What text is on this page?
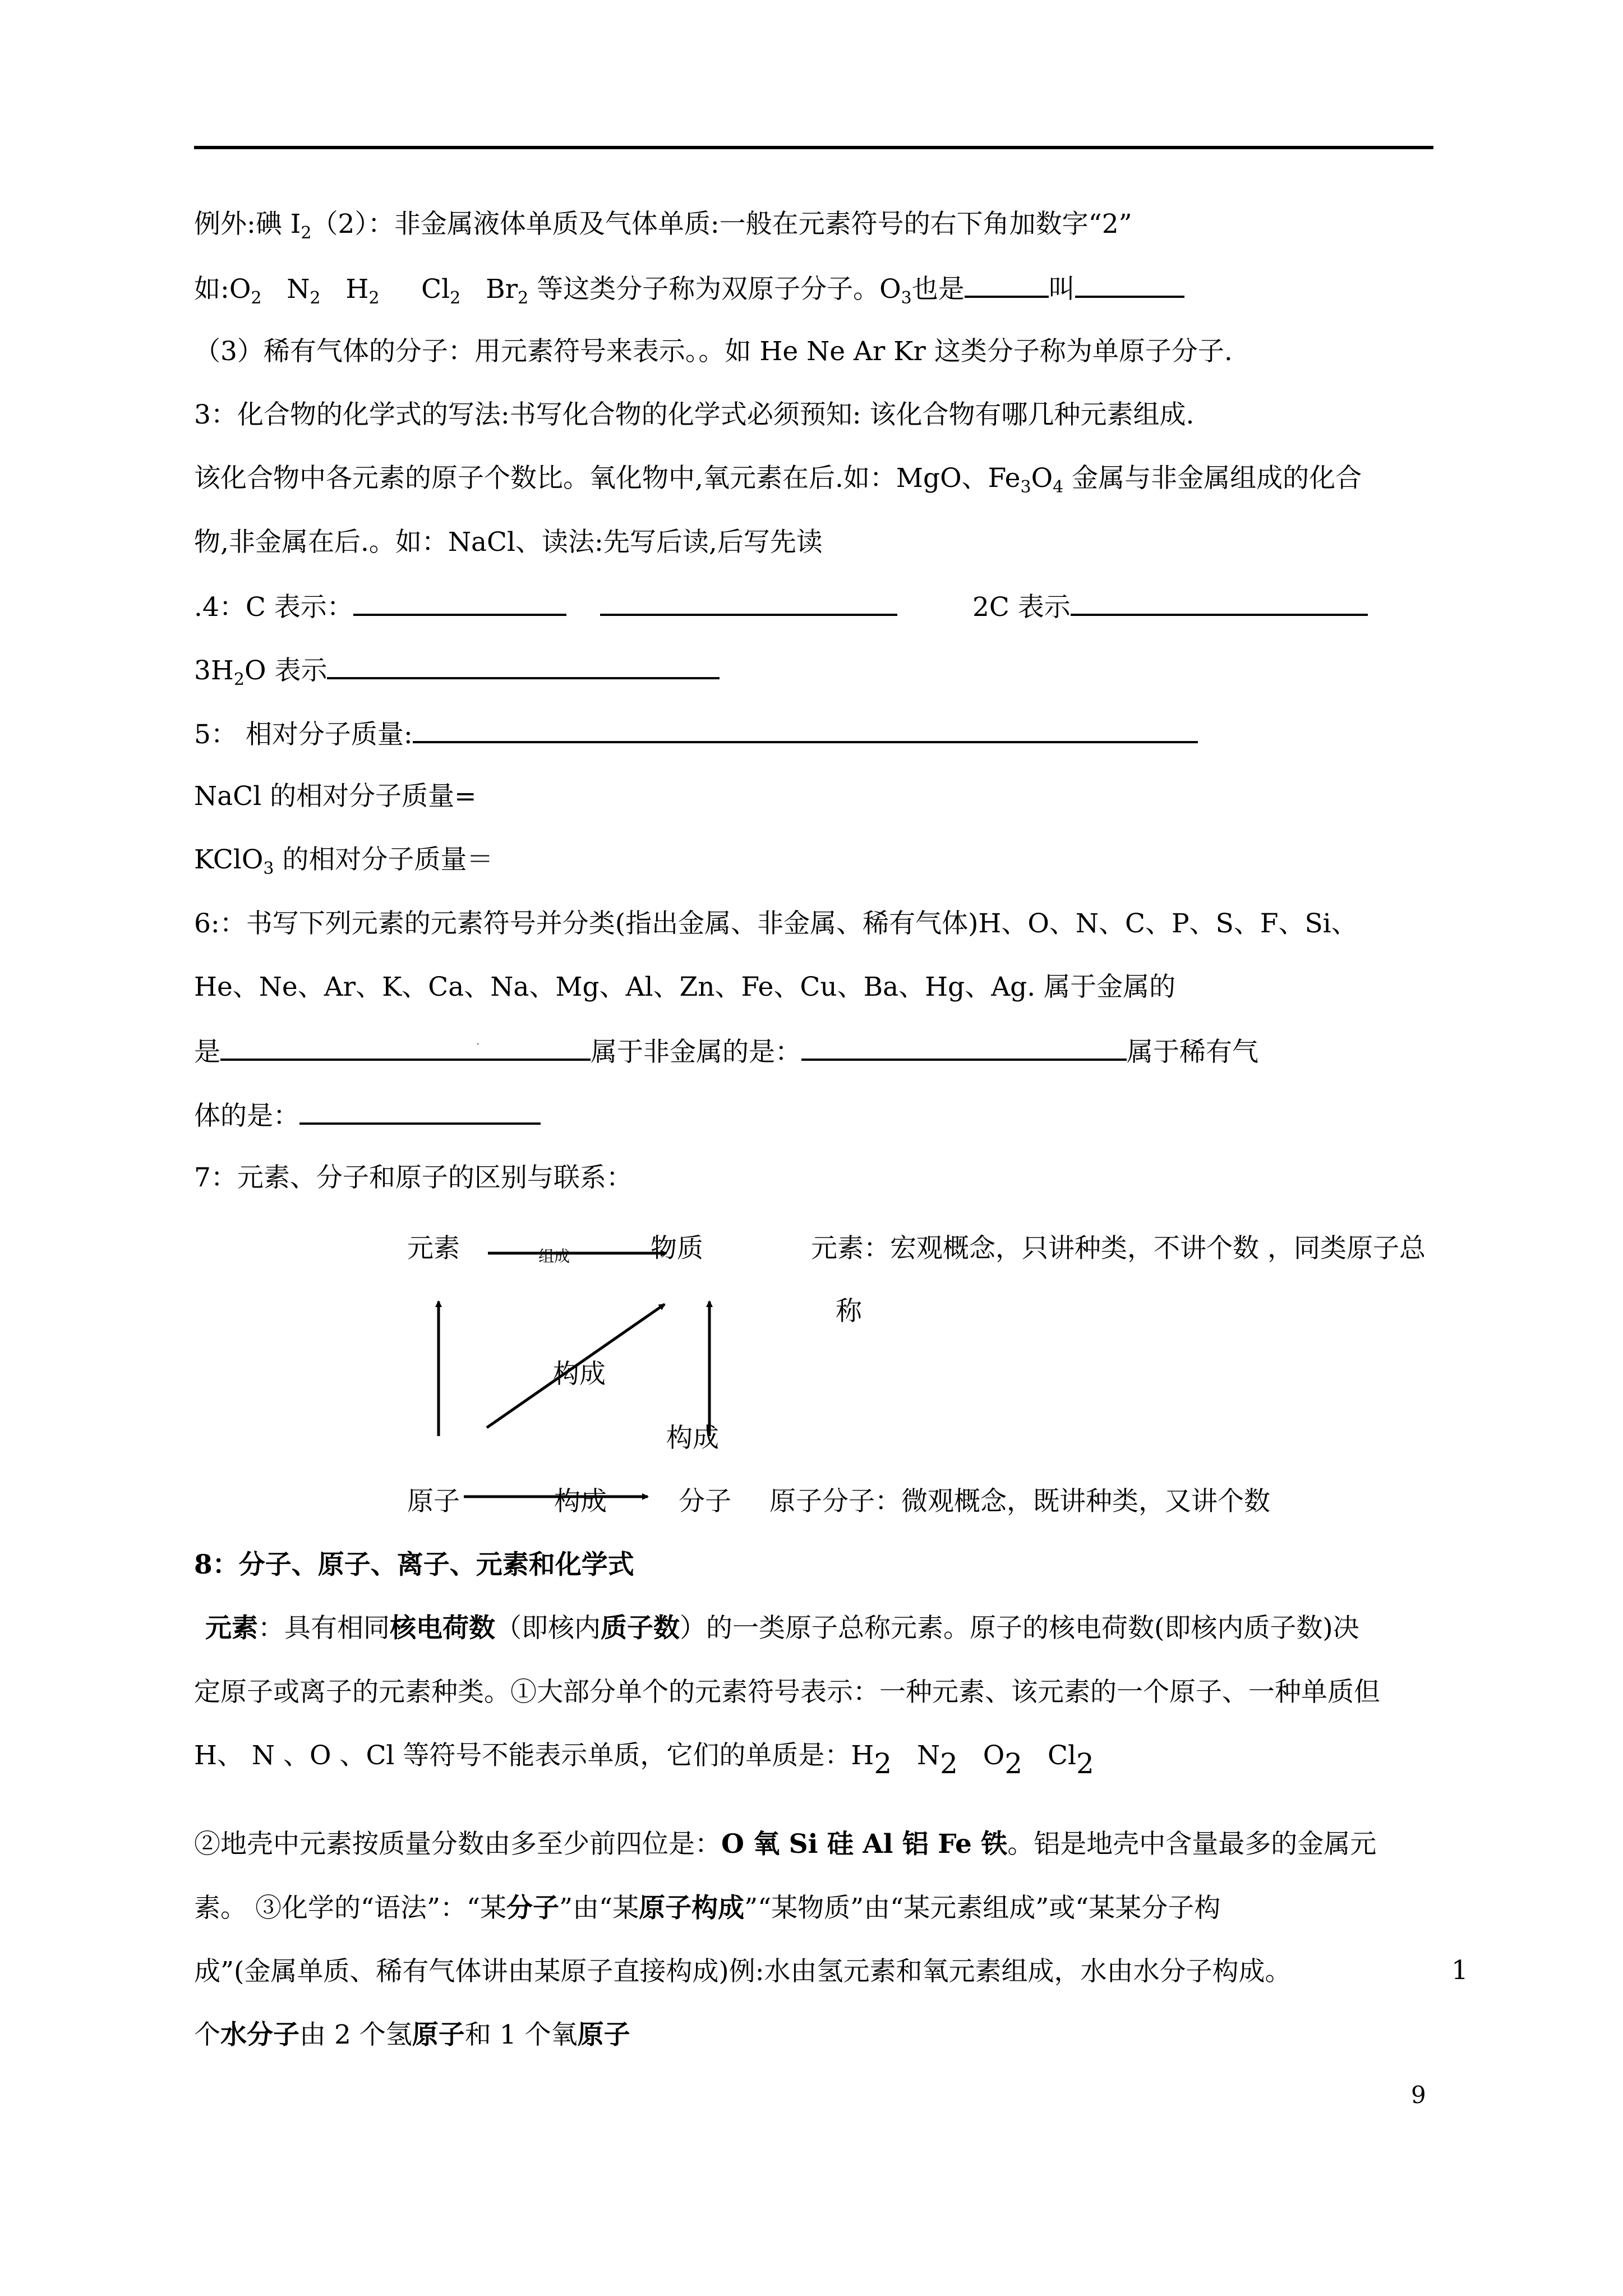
例外:碘 $I_2(2)$：非金属液体单质及气体单质:一般在元素符号的右下角加数字“2”
如$:O_2$ $N_2$ $H_2$ $Cl_2$ $Br_2$ 等这类分子称为双原子分子。$O_3$也是	叫
（3）稀有气体的分子：用元素符号来表示。。如 He Ne Ar Kr 这类分子称为单原子分子.
3：化合物的化学式的写法:书写化合物的化学式必须预知: 该化合物有哪几种元素组成.
该化合物中各元素的原子个数比。氧化物中,氧元素在后.如：MgO、$Fe_3O_4$ 金属与非金属组成的化合
物,非金属在后.。如：NaCl、读法:先写后读,后写先读
.4：C 表示：	2C 表示
$3H_2O$ 表示
5： 相对分子质量:
NaCl 的相对分子质量=
KClO$_3$ 的相对分子质量＝
6:：书写下列元素的元素符号并分类(指出金属、非金属、稀有气体)H、O、N、C、P、S、F、Si、
He、Ne、Ar、K、Ca、Na、Mg、Al、Zn、Fe、Cu、Ba、Hg、Ag. 属于金属的
是	.	属于非金属的是：	属于稀有气
体的是：
7：元素、分子和原子的区别与联系：
元素	组成	物质	元素：宏观概念，只讲种类，不讲个数 ，同类原子总
称
构成
构成
原子	构成	分子 原子分子：微观概念，既讲种类，又讲个数
8：分子、原子、离子、元素和化学式
元素：具有相同核电荷数（即核内质子数）的一类原子总称元素。原子的核电荷数(即核内质子数)决
定原子或离子的元素种类。①大部分单个的元素符号表示：一种元素、该元素的一个原子、一种单质但
H、 N 、O 、Cl 等符号不能表示单质，它们的单质是：H2 N2 O2 Cl2
②地壳中元素按质量分数由多至少前四位是：O 氧 Si 硅 Al 铝 Fe 铁。铝是地壳中含量最多的金属元
素。 ③化学的“语法”：“某分子”由“某原子构成”“某物质”由“某元素组成”或“某某分子构
成”(金属单质、稀有气体讲由某原子直接构成)例:水由氢元素和氧元素组成，水由水分子构成。	1
个水分子由 2 个氢原子和 1 个氧原子
9
